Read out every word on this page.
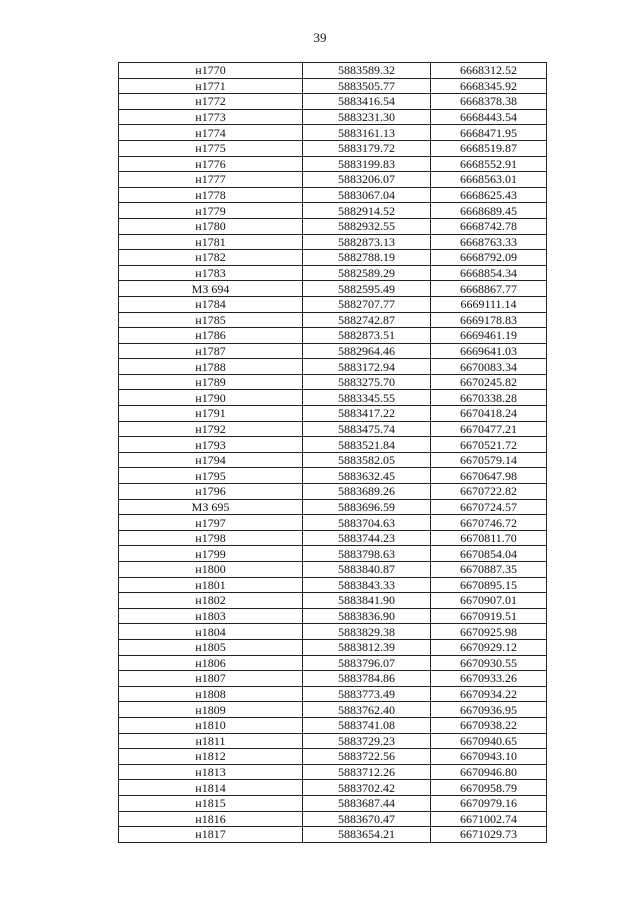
39
н1770	5883589.32	6668312.52
н1771	5883505.77	6668345.92
н1772	5883416.54	6668378.38
н1773	5883231.30	6668443.54
н1774	5883161.13	6668471.95
н1775	5883179.72	6668519.87
н1776	5883199.83	6668552.91
н1777	5883206.07	6668563.01
н1778	5883067.04	6668625.43
н1779	5882914.52	6668689.45
н1780	5882932.55	6668742.78
н1781	5882873.13	6668763.33
н1782	5882788.19	6668792.09
н1783	5882589.29	6668854.34
МЗ 694	5882595.49	6668867.77
н1784	5882707.77	6669111.14
н1785	5882742.87	6669178.83
н1786	5882873.51	6669461.19
н1787	5882964.46	6669641.03
н1788	5883172.94	6670083.34
н1789	5883275.70	6670245.82
н1790	5883345.55	6670338.28
н1791	5883417.22	6670418.24
н1792	5883475.74	6670477.21
н1793	5883521.84	6670521.72
н1794	5883582.05	6670579.14
н1795	5883632.45	6670647.98
н1796	5883689.26	6670722.82
МЗ 695	5883696.59	6670724.57
н1797	5883704.63	6670746.72
н1798	5883744.23	6670811.70
н1799	5883798.63	6670854.04
н1800	5883840.87	6670887.35
н1801	5883843.33	6670895.15
н1802	5883841.90	6670907.01
н1803	5883836.90	6670919.51
н1804	5883829.38	6670925.98
н1805	5883812.39	6670929.12
н1806	5883796.07	6670930.55
н1807	5883784.86	6670933.26
н1808	5883773.49	6670934.22
н1809	5883762.40	6670936.95
н1810	5883741.08	6670938.22
н1811	5883729.23	6670940.65
н1812	5883722.56	6670943.10
н1813	5883712.26	6670946.80
н1814	5883702.42	6670958.79
н1815	5883687.44	6670979.16
н1816	5883670.47	6671002.74
н1817	5883654.21	6671029.73
